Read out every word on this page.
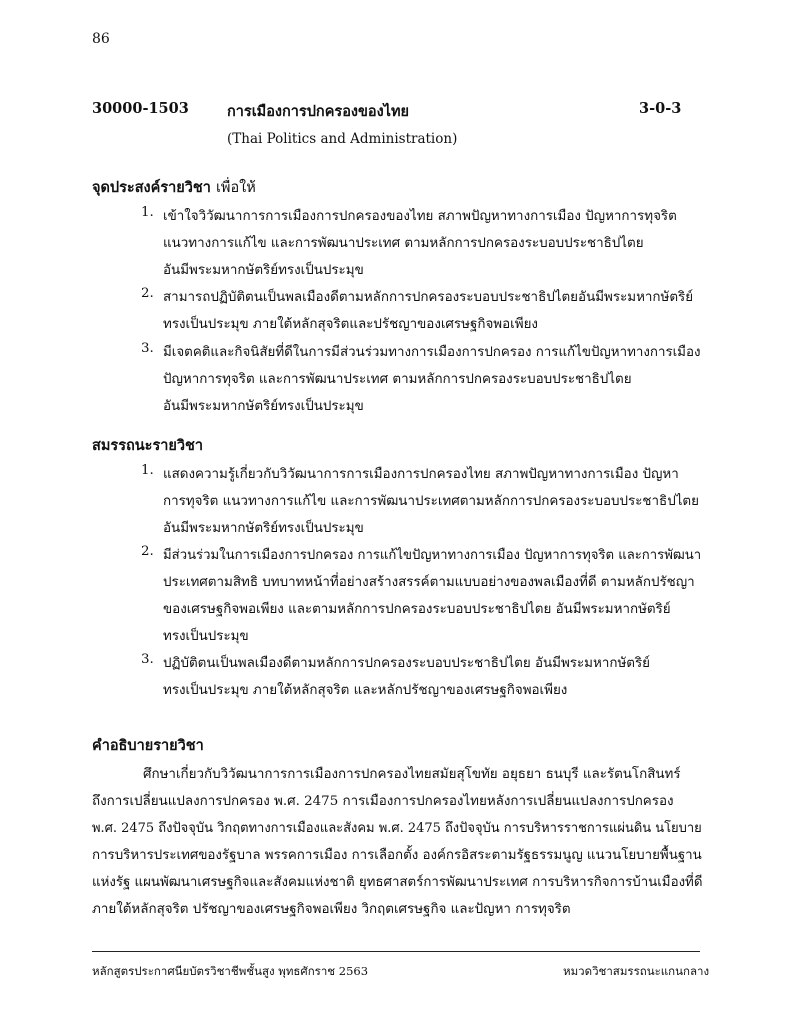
86
30000-1503	การเมืองการปกครองของไทย	3-0-3
(Thai Politics and Administration)
จุดประสงค์รายวิชา เพื่อให้
1. เข้าใจวิวัฒนาการการเมืองการปกครองของไทย สภาพปัญหาทางการเมือง ปัญหาการทุจริต
แนวทางการแก้ไข และการพัฒนาประเทศ ตามหลักการปกครองระบอบประชาธิปไตย
อันมีพระมหากษัตริย์ทรงเป็นประมุข
2. สามารถปฏิบัติตนเป็นพลเมืองดีตามหลักการปกครองระบอบประชาธิปไตยอันมีพระมหากษัตริย์
ทรงเป็นประมุข ภายใต้หลักสุจริตและปรัชญาของเศรษฐกิจพอเพียง
3. มีเจตคติและกิจนิสัยที่ดีในการมีส่วนร่วมทางการเมืองการปกครอง การแก้ไขปัญหาทางการเมือง
ปัญหาการทุจริต และการพัฒนาประเทศ ตามหลักการปกครองระบอบประชาธิปไตย
อันมีพระมหากษัตริย์ทรงเป็นประมุข
สมรรถนะรายวิชา
1. แสดงความรู้เกี่ยวกับวิวัฒนาการการเมืองการปกครองไทย สภาพปัญหาทางการเมือง ปัญหา
การทุจริต แนวทางการแก้ไข และการพัฒนาประเทศตามหลักการปกครองระบอบประชาธิปไตย
อันมีพระมหากษัตริย์ทรงเป็นประมุข
2. มีส่วนร่วมในการเมืองการปกครอง การแก้ไขปัญหาทางการเมือง ปัญหาการทุจริต และการพัฒนา
ประเทศตามสิทธิ บทบาทหน้าที่อย่างสร้างสรรค์ตามแบบอย่างของพลเมืองที่ดี ตามหลักปรัชญา
ของเศรษฐกิจพอเพียง และตามหลักการปกครองระบอบประชาธิปไตย อันมีพระมหากษัตริย์
ทรงเป็นประมุข
3. ปฏิบัติตนเป็นพลเมืองดีตามหลักการปกครองระบอบประชาธิปไตย อันมีพระมหากษัตริย์
ทรงเป็นประมุข ภายใต้หลักสุจริต และหลักปรัชญาของเศรษฐกิจพอเพียง
คำอธิบายรายวิชา
ศึกษาเกี่ยวกับวิวัฒนาการการเมืองการปกครองไทยสมัยสุโขทัย อยุธยา ธนบุรี และรัตนโกสินทร์
ถึงการเปลี่ยนแปลงการปกครอง พ.ศ. 2475 การเมืองการปกครองไทยหลังการเปลี่ยนแปลงการปกครอง
พ.ศ. 2475 ถึงปัจจุบัน วิกฤตทางการเมืองและสังคม พ.ศ. 2475 ถึงปัจจุบัน การบริหารราชการแผ่นดิน นโยบาย
การบริหารประเทศของรัฐบาล พรรคการเมือง การเลือกตั้ง องค์กรอิสระตามรัฐธรรมนูญ แนวนโยบายพื้นฐาน
แห่งรัฐ แผนพัฒนาเศรษฐกิจและสังคมแห่งชาติ ยุทธศาสตร์การพัฒนาประเทศ การบริหารกิจการบ้านเมืองที่ดี
ภายใต้หลักสุจริต ปรัชญาของเศรษฐกิจพอเพียง วิกฤตเศรษฐกิจ และปัญหา การทุจริต
หลักสูตรประกาศนียบัตรวิชาชีพชั้นสูง พุทธศักราช 2563	หมวดวิชาสมรรถนะแกนกลาง
